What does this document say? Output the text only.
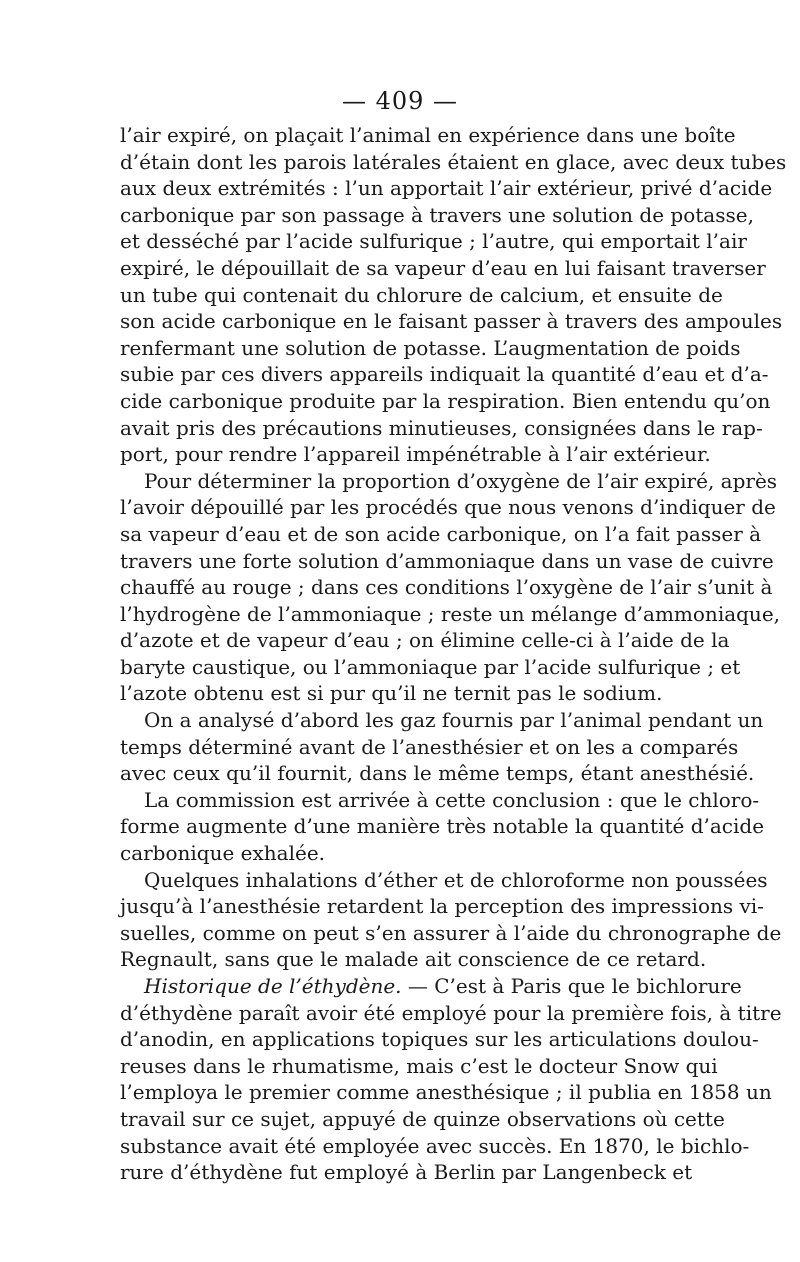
— 409 —
l’air expiré, on plaçait l’animal en expérience dans une boîte
d’étain dont les parois latérales étaient en glace, avec deux tubes
aux deux extrémités : l’un apportait l’air extérieur, privé d’acide
carbonique par son passage à travers une solution de potasse,
et desséché par l’acide sulfurique ; l’autre, qui emportait l’air
expiré, le dépouillait de sa vapeur d’eau en lui faisant traverser
un tube qui contenait du chlorure de calcium, et ensuite de
son acide carbonique en le faisant passer à travers des ampoules
renfermant une solution de potasse. L’augmentation de poids
subie par ces divers appareils indiquait la quantité d’eau et d’a-
cide carbonique produite par la respiration. Bien entendu qu’on
avait pris des précautions minutieuses, consignées dans le rap-
port, pour rendre l’appareil impénétrable à l’air extérieur.
Pour déterminer la proportion d’oxygène de l’air expiré, après
l’avoir dépouillé par les procédés que nous venons d’indiquer de
sa vapeur d’eau et de son acide carbonique, on l’a fait passer à
travers une forte solution d’ammoniaque dans un vase de cuivre
chauffé au rouge ; dans ces conditions l’oxygène de l’air s’unit à
l’hydrogène de l’ammoniaque ; reste un mélange d’ammoniaque,
d’azote et de vapeur d’eau ; on élimine celle-ci à l’aide de la
baryte caustique, ou l’ammoniaque par l’acide sulfurique ; et
l’azote obtenu est si pur qu’il ne ternit pas le sodium.
On a analysé d’abord les gaz fournis par l’animal pendant un
temps déterminé avant de l’anesthésier et on les a comparés
avec ceux qu’il fournit, dans le même temps, étant anesthésié.
La commission est arrivée à cette conclusion : que le chloro-
forme augmente d’une manière très notable la quantité d’acide
carbonique exhalée.
Quelques inhalations d’éther et de chloroforme non poussées
jusqu’à l’anesthésie retardent la perception des impressions vi-
suelles, comme on peut s’en assurer à l’aide du chronographe de
Regnault, sans que le malade ait conscience de ce retard.
Historique de l’éthydène. — C’est à Paris que le bichlorure
d’éthydène paraît avoir été employé pour la première fois, à titre
d’anodin, en applications topiques sur les articulations doulou-
reuses dans le rhumatisme, mais c’est le docteur Snow qui
l’employa le premier comme anesthésique ; il publia en 1858 un
travail sur ce sujet, appuyé de quinze observations où cette
substance avait été employée avec succès. En 1870, le bichlo-
rure d’éthydène fut employé à Berlin par Langenbeck et
